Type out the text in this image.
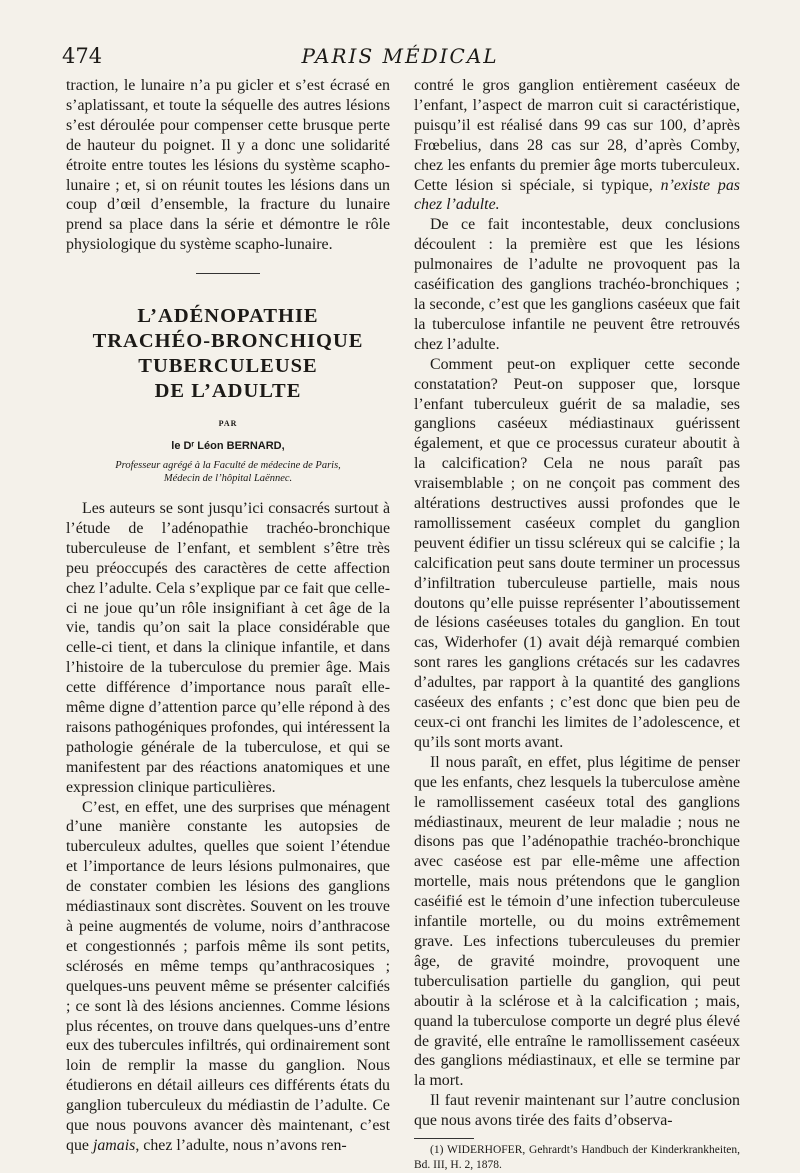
474	PARIS MÉDICAL

traction, le lunaire n’a pu gicler et s’est écrasé en s’aplatissant, et toute la séquelle des autres lésions s’est déroulée pour compenser cette brusque perte de hauteur du poignet. Il y a donc une solidarité étroite entre toutes les lésions du système scapho-lunaire ; et, si on réunit toutes les lésions dans un coup d’œil d’ensemble, la fracture du lunaire prend sa place dans la série et démontre le rôle physiologique du système scapho-lunaire.

L’ADÉNOPATHIE
TRACHÉO-BRONCHIQUE
TUBERCULEUSE
DE L’ADULTE
PAR
le Dʳ Léon BERNARD,
Professeur agrégé à la Faculté de médecine de Paris,
Médecin de l’hôpital Laënnec.

Les auteurs se sont jusqu’ici consacrés surtout à l’étude de l’adénopathie trachéo-bronchique tuberculeuse de l’enfant, et semblent s’être très peu préoccupés des caractères de cette affection chez l’adulte. Cela s’explique par ce fait que celle-ci ne joue qu’un rôle insignifiant à cet âge de la vie, tandis qu’on sait la place considérable que celle-ci tient, et dans la clinique infantile, et dans l’histoire de la tuberculose du premier âge. Mais cette différence d’importance nous paraît elle-même digne d’attention parce qu’elle répond à des raisons pathogéniques profondes, qui intéressent la pathologie générale de la tuberculose, et qui se manifestent par des réactions anatomiques et une expression clinique particulières.

C’est, en effet, une des surprises que ménagent d’une manière constante les autopsies de tuberculeux adultes, quelles que soient l’étendue et l’importance de leurs lésions pulmonaires, que de constater combien les lésions des ganglions médiastinaux sont discrètes. Souvent on les trouve à peine augmentés de volume, noirs d’anthracose et congestionnés ; parfois même ils sont petits, sclérosés en même temps qu’anthracosiques ; quelques-uns peuvent même se présenter calcifiés ; ce sont là des lésions anciennes. Comme lésions plus récentes, on trouve dans quelques-uns d’entre eux des tubercules infiltrés, qui ordinairement sont loin de remplir la masse du ganglion. Nous étudierons en détail ailleurs ces différents états du ganglion tuberculeux du médiastin de l’adulte. Ce que nous pouvons avancer dès maintenant, c’est que jamais, chez l’adulte, nous n’avons ren-

contré le gros ganglion entièrement caséeux de l’enfant, l’aspect de marron cuit si caractéristique, puisqu’il est réalisé dans 99 cas sur 100, d’après Frœbelius, dans 28 cas sur 28, d’après Comby, chez les enfants du premier âge morts tuberculeux. Cette lésion si spéciale, si typique, n’existe pas chez l’adulte.

De ce fait incontestable, deux conclusions découlent : la première est que les lésions pulmonaires de l’adulte ne provoquent pas la caséification des ganglions trachéo-bronchiques ; la seconde, c’est que les ganglions caséeux que fait la tuberculose infantile ne peuvent être retrouvés chez l’adulte.

Comment peut-on expliquer cette seconde constatation? Peut-on supposer que, lorsque l’enfant tuberculeux guérit de sa maladie, ses ganglions caséeux médiastinaux guérissent également, et que ce processus curateur aboutit à la calcification? Cela ne nous paraît pas vraisemblable ; on ne conçoit pas comment des altérations destructives aussi profondes que le ramollissement caséeux complet du ganglion peuvent édifier un tissu scléreux qui se calcifie ; la calcification peut sans doute terminer un processus d’infiltration tuberculeuse partielle, mais nous doutons qu’elle puisse représenter l’aboutissement de lésions caséeuses totales du ganglion. En tout cas, Widerhofer (1) avait déjà remarqué combien sont rares les ganglions crétacés sur les cadavres d’adultes, par rapport à la quantité des ganglions caséeux des enfants ; c’est donc que bien peu de ceux-ci ont franchi les limites de l’adolescence, et qu’ils sont morts avant.

Il nous paraît, en effet, plus légitime de penser que les enfants, chez lesquels la tuberculose amène le ramollissement caséeux total des ganglions médiastinaux, meurent de leur maladie ; nous ne disons pas que l’adénopathie trachéo-bronchique avec caséose est par elle-même une affection mortelle, mais nous prétendons que le ganglion caséifié est le témoin d’une infection tuberculeuse infantile mortelle, ou du moins extrêmement grave. Les infections tuberculeuses du premier âge, de gravité moindre, provoquent une tuberculisation partielle du ganglion, qui peut aboutir à la sclérose et à la calcification ; mais, quand la tuberculose comporte un degré plus élevé de gravité, elle entraîne le ramollissement caséeux des ganglions médiastinaux, et elle se termine par la mort.

Il faut revenir maintenant sur l’autre conclusion que nous avons tirée des faits d’observa-

(1) WIDERHOFER, Gehrardt’s Handbuch der Kinderkrankheiten, Bd. III, H. 2, 1878.
